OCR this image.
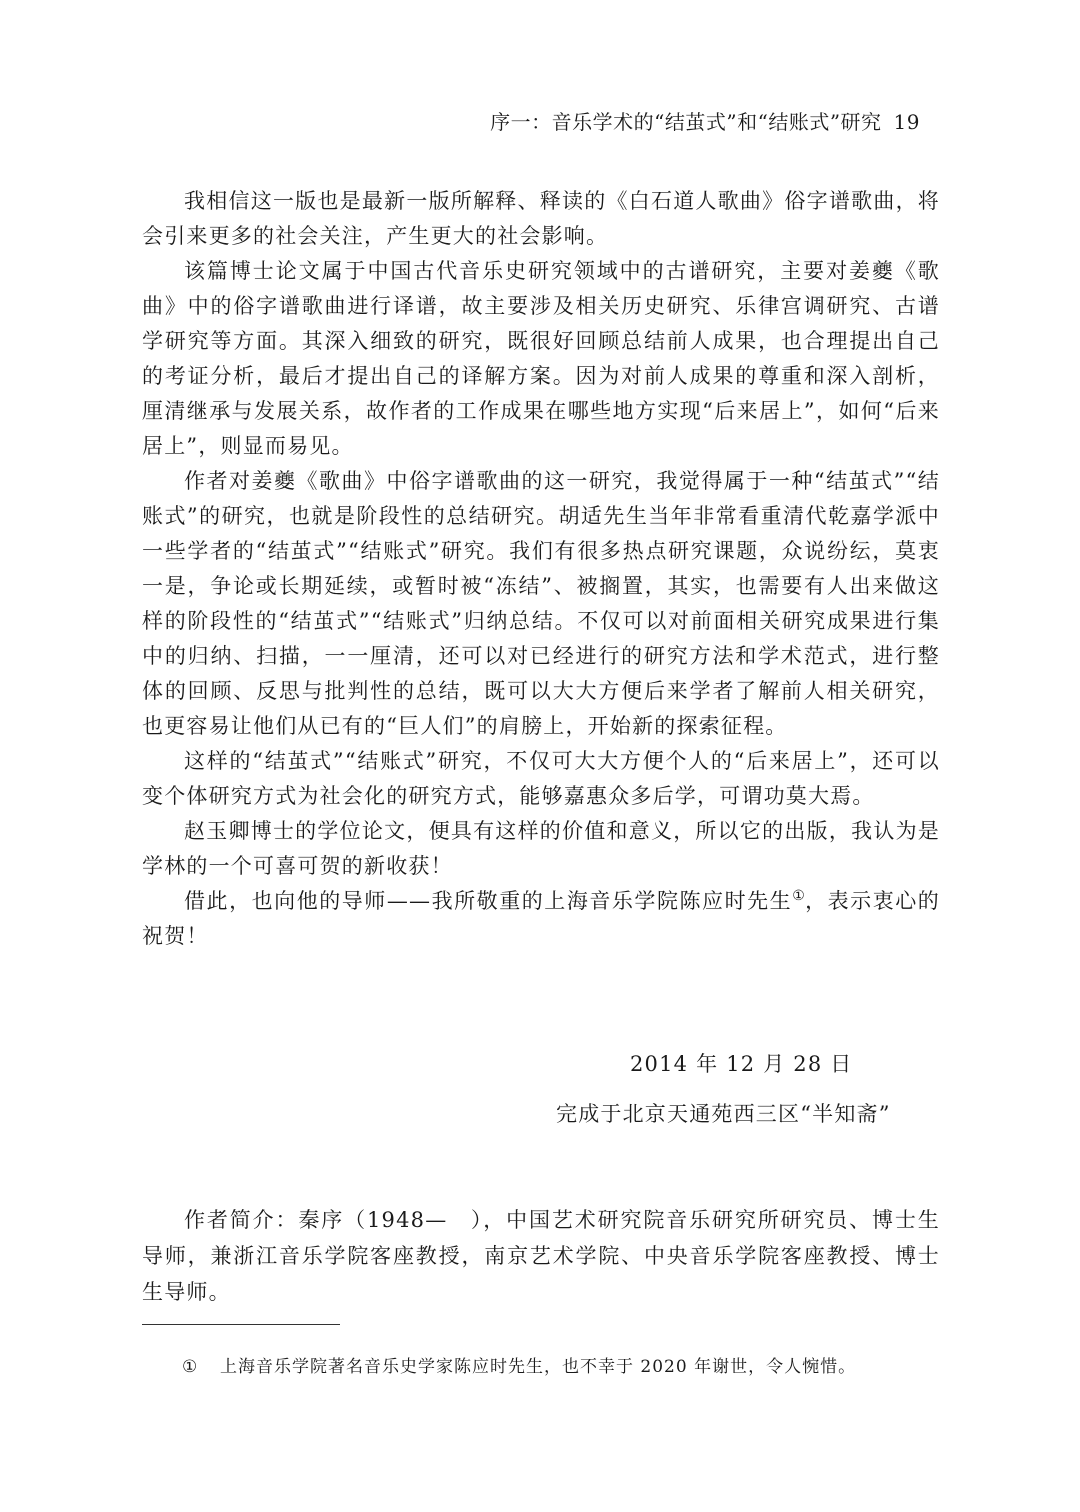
序一：音乐学术的“结茧式”和“结账式”研究 19

我相信这一版也是最新一版所解释、释读的《白石道人歌曲》俗字谱歌曲，将会引来更多的社会关注，产生更大的社会影响。

该篇博士论文属于中国古代音乐史研究领域中的古谱研究，主要对姜夔《歌曲》中的俗字谱歌曲进行译谱，故主要涉及相关历史研究、乐律宫调研究、古谱学研究等方面。其深入细致的研究，既很好回顾总结前人成果，也合理提出自己的考证分析，最后才提出自己的译解方案。因为对前人成果的尊重和深入剖析，厘清继承与发展关系，故作者的工作成果在哪些地方实现“后来居上”，如何“后来居上”，则显而易见。

作者对姜夔《歌曲》中俗字谱歌曲的这一研究，我觉得属于一种“结茧式”“结账式”的研究，也就是阶段性的总结研究。胡适先生当年非常看重清代乾嘉学派中一些学者的“结茧式”“结账式”研究。我们有很多热点研究课题，众说纷纭，莫衷一是，争论或长期延续，或暂时被“冻结”、被搁置，其实，也需要有人出来做这样的阶段性的“结茧式”“结账式”归纳总结。不仅可以对前面相关研究成果进行集中的归纳、扫描，一一厘清，还可以对已经进行的研究方法和学术范式，进行整体的回顾、反思与批判性的总结，既可以大大方便后来学者了解前人相关研究，也更容易让他们从已有的“巨人们”的肩膀上，开始新的探索征程。

这样的“结茧式”“结账式”研究，不仅可大大方便个人的“后来居上”，还可以变个体研究方式为社会化的研究方式，能够嘉惠众多后学，可谓功莫大焉。

赵玉卿博士的学位论文，便具有这样的价值和意义，所以它的出版，我认为是学林的一个可喜可贺的新收获！

借此，也向他的导师——我所敬重的上海音乐学院陈应时先生①，表示衷心的祝贺！

2014 年 12 月 28 日
完成于北京天通苑西三区“半知斋”

作者简介：秦序（1948—　），中国艺术研究院音乐研究所研究员、博士生导师，兼浙江音乐学院客座教授，南京艺术学院、中央音乐学院客座教授、博士生导师。

① 上海音乐学院著名音乐史学家陈应时先生，也不幸于 2020 年谢世，令人惋惜。
